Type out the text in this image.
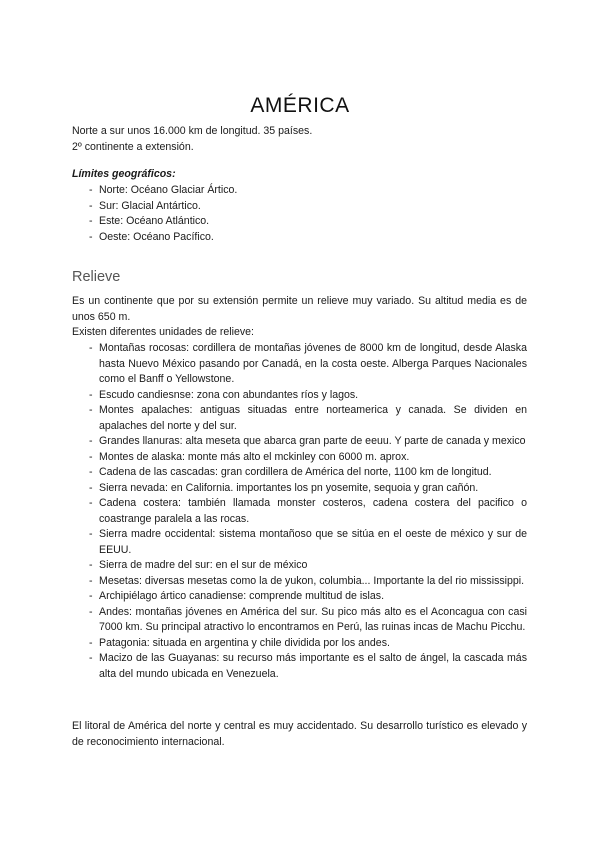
AMÉRICA
Norte a sur unos 16.000 km de longitud. 35 países.
2º continente a extensión.
Límites geográficos:
- Norte: Océano Glaciar Ártico.
- Sur: Glacial Antártico.
- Este: Océano Atlántico.
- Oeste: Océano Pacífico.
Relieve
Es un continente que por su extensión permite un relieve muy variado. Su altitud media es de unos 650 m.
Existen diferentes unidades de relieve:
- Montañas rocosas: cordillera de montañas jóvenes de 8000 km de longitud, desde Alaska hasta Nuevo México pasando por Canadá, en la costa oeste. Alberga Parques Nacionales como el Banff o Yellowstone.
- Escudo candiesnse: zona con abundantes ríos y lagos.
- Montes apalaches: antiguas situadas entre norteamerica y canada. Se dividen en apalaches del norte y del sur.
- Grandes llanuras: alta meseta que abarca gran parte de eeuu. Y parte de canada y mexico
- Montes de alaska: monte más alto el mckinley con 6000 m. aprox.
- Cadena de las cascadas: gran cordillera de América del norte, 1100 km de longitud.
- Sierra nevada: en California. importantes los pn yosemite, sequoia y gran cañón.
- Cadena costera: también llamada monster costeros, cadena costera del pacifico o coastrange paralela a las rocas.
- Sierra madre occidental: sistema montañoso que se sitúa en el oeste de méxico y sur de EEUU.
- Sierra de madre del sur: en el sur de méxico
- Mesetas: diversas mesetas como la de yukon, columbia... Importante la del rio mississippi.
- Archipiélago ártico canadiense: comprende multitud de islas.
- Andes: montañas jóvenes en América del sur. Su pico más alto es el Aconcagua con casi 7000 km. Su principal atractivo lo encontramos en Perú, las ruinas incas de Machu Picchu.
- Patagonia: situada en argentina y chile dividida por los andes.
- Macizo de las Guayanas: su recurso más importante es el salto de ángel, la cascada más alta del mundo ubicada en Venezuela.
El litoral de América del norte y central es muy accidentado. Su desarrollo turístico es elevado y de reconocimiento internacional.
